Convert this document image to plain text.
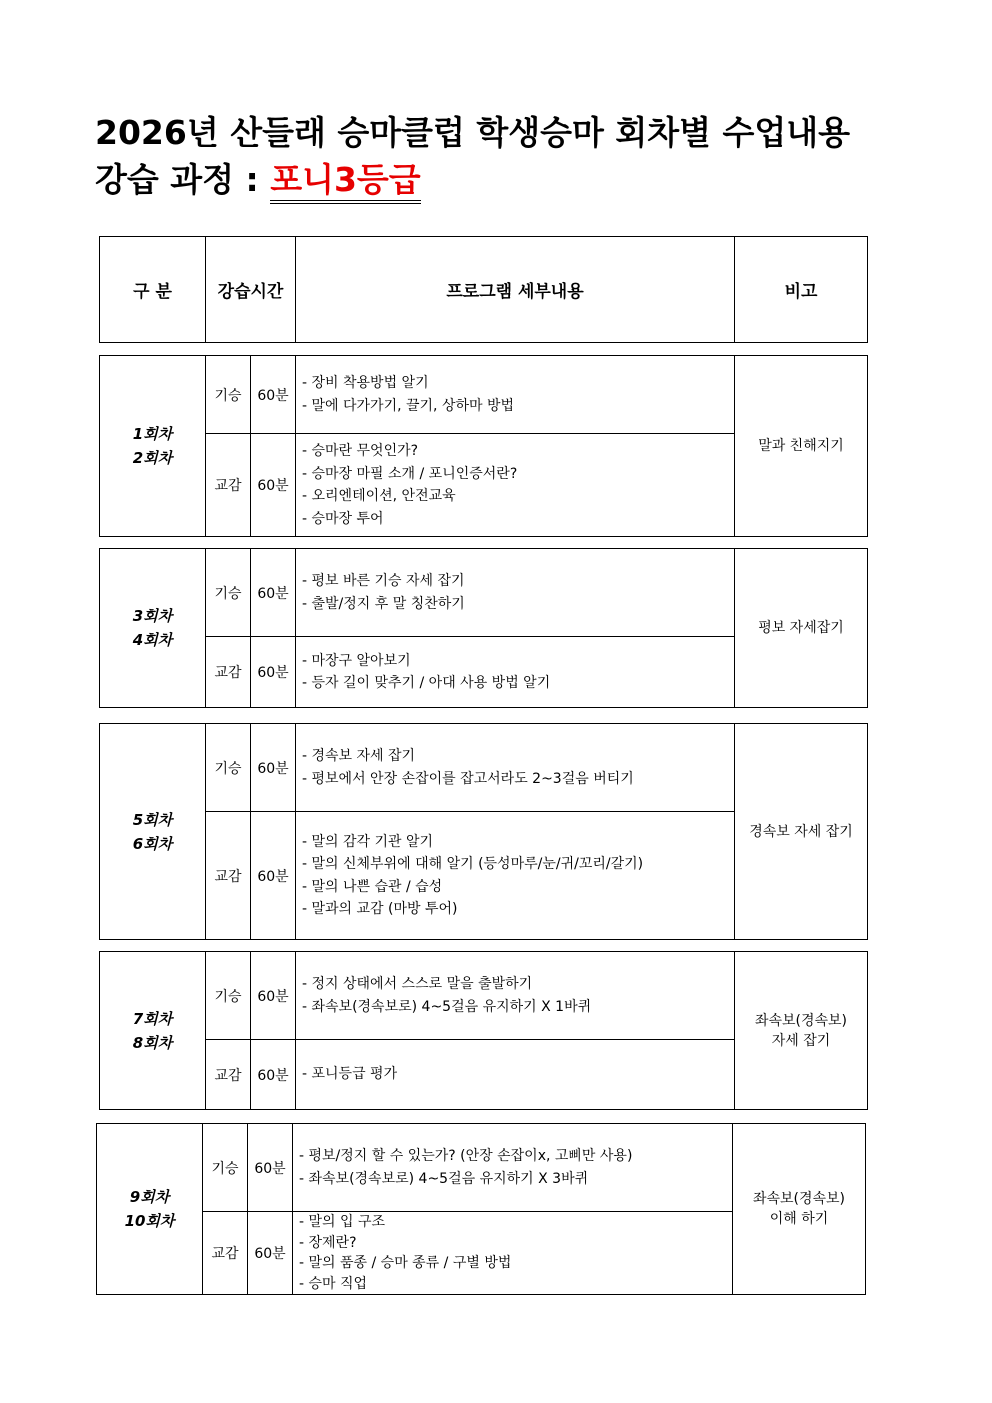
2026년 산들래 승마클럽 학생승마 회차별 수업내용
강습 과정 : 포니3등급
구 분	강습시간	프로그램 세부내용	비고
1회차
2회차	기승	60분	- 장비 착용방법 알기
- 말에 다가가기, 끌기, 상하마 방법	말과 친해지기

	교감	60분	- 승마란 무엇인가?
- 승마장 마필 소개 / 포니인증서란?
- 오리엔테이션, 안전교육
- 승마장 투어	
3회차
4회차	기승	60분	- 평보 바른 기승 자세 잡기
- 출발/정지 후 말 칭찬하기	평보 자세잡기

	교감	60분	- 마장구 알아보기
- 등자 길이 맞추기 / 아대 사용 방법 알기	
5회차
6회차	기승	60분	- 경속보 자세 잡기
- 평보에서 안장 손잡이를 잡고서라도 2~3걸음 버티기	경속보 자세 잡기

	교감	60분	- 말의 감각 기관 알기
- 말의 신체부위에 대해 알기 (등성마루/눈/귀/꼬리/갈기)
- 말의 나쁜 습관 / 습성
- 말과의 교감 (마방 투어)	
7회차
8회차	기승	60분	- 정지 상태에서 스스로 말을 출발하기
- 좌속보(경속보로) 4~5걸음 유지하기 X 1바퀴	좌속보(경속보)
자세 잡기

	교감	60분	- 포니등급 평가	
9회차
10회차	기승	60분	- 평보/정지 할 수 있는가? (안장 손잡이x, 고삐만 사용)
- 좌속보(경속보로) 4~5걸음 유지하기 X 3바퀴	좌속보(경속보)
이해 하기

	교감	60분	- 말의 입 구조
- 장제란?
- 말의 품종 / 승마 종류 / 구별 방법
- 승마 직업	
